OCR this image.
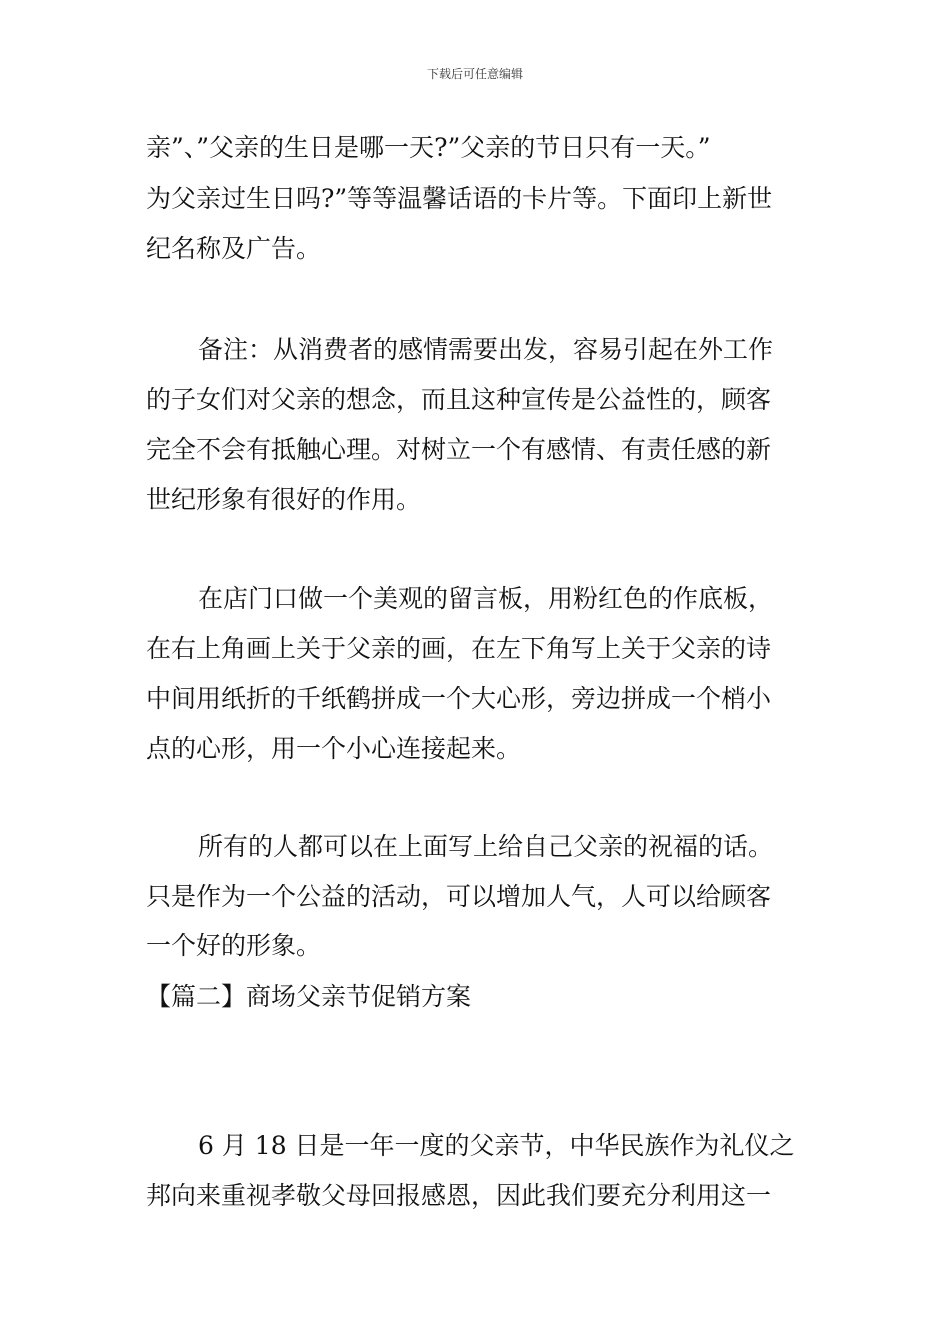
下载后可任意编辑
亲”、”父亲的生日是哪一天?”父亲的节日只有一天。”
为父亲过生日吗?”等等温馨话语的卡片等。下面印上新世
纪名称及广告。
备注：从消费者的感情需要出发，容易引起在外工作
的子女们对父亲的想念，而且这种宣传是公益性的，顾客
完全不会有抵触心理。对树立一个有感情、有责任感的新
世纪形象有很好的作用。
在店门口做一个美观的留言板，用粉红色的作底板，
在右上角画上关于父亲的画，在左下角写上关于父亲的诗
中间用纸折的千纸鹤拼成一个大心形，旁边拼成一个梢小
点的心形，用一个小心连接起来。
所有的人都可以在上面写上给自己父亲的祝福的话。
只是作为一个公益的活动，可以增加人气，人可以给顾客
一个好的形象。
【篇二】商场父亲节促销方案
6 月 18 日是一年一度的父亲节，中华民族作为礼仪之
邦向来重视孝敬父母回报感恩，因此我们要充分利用这一
